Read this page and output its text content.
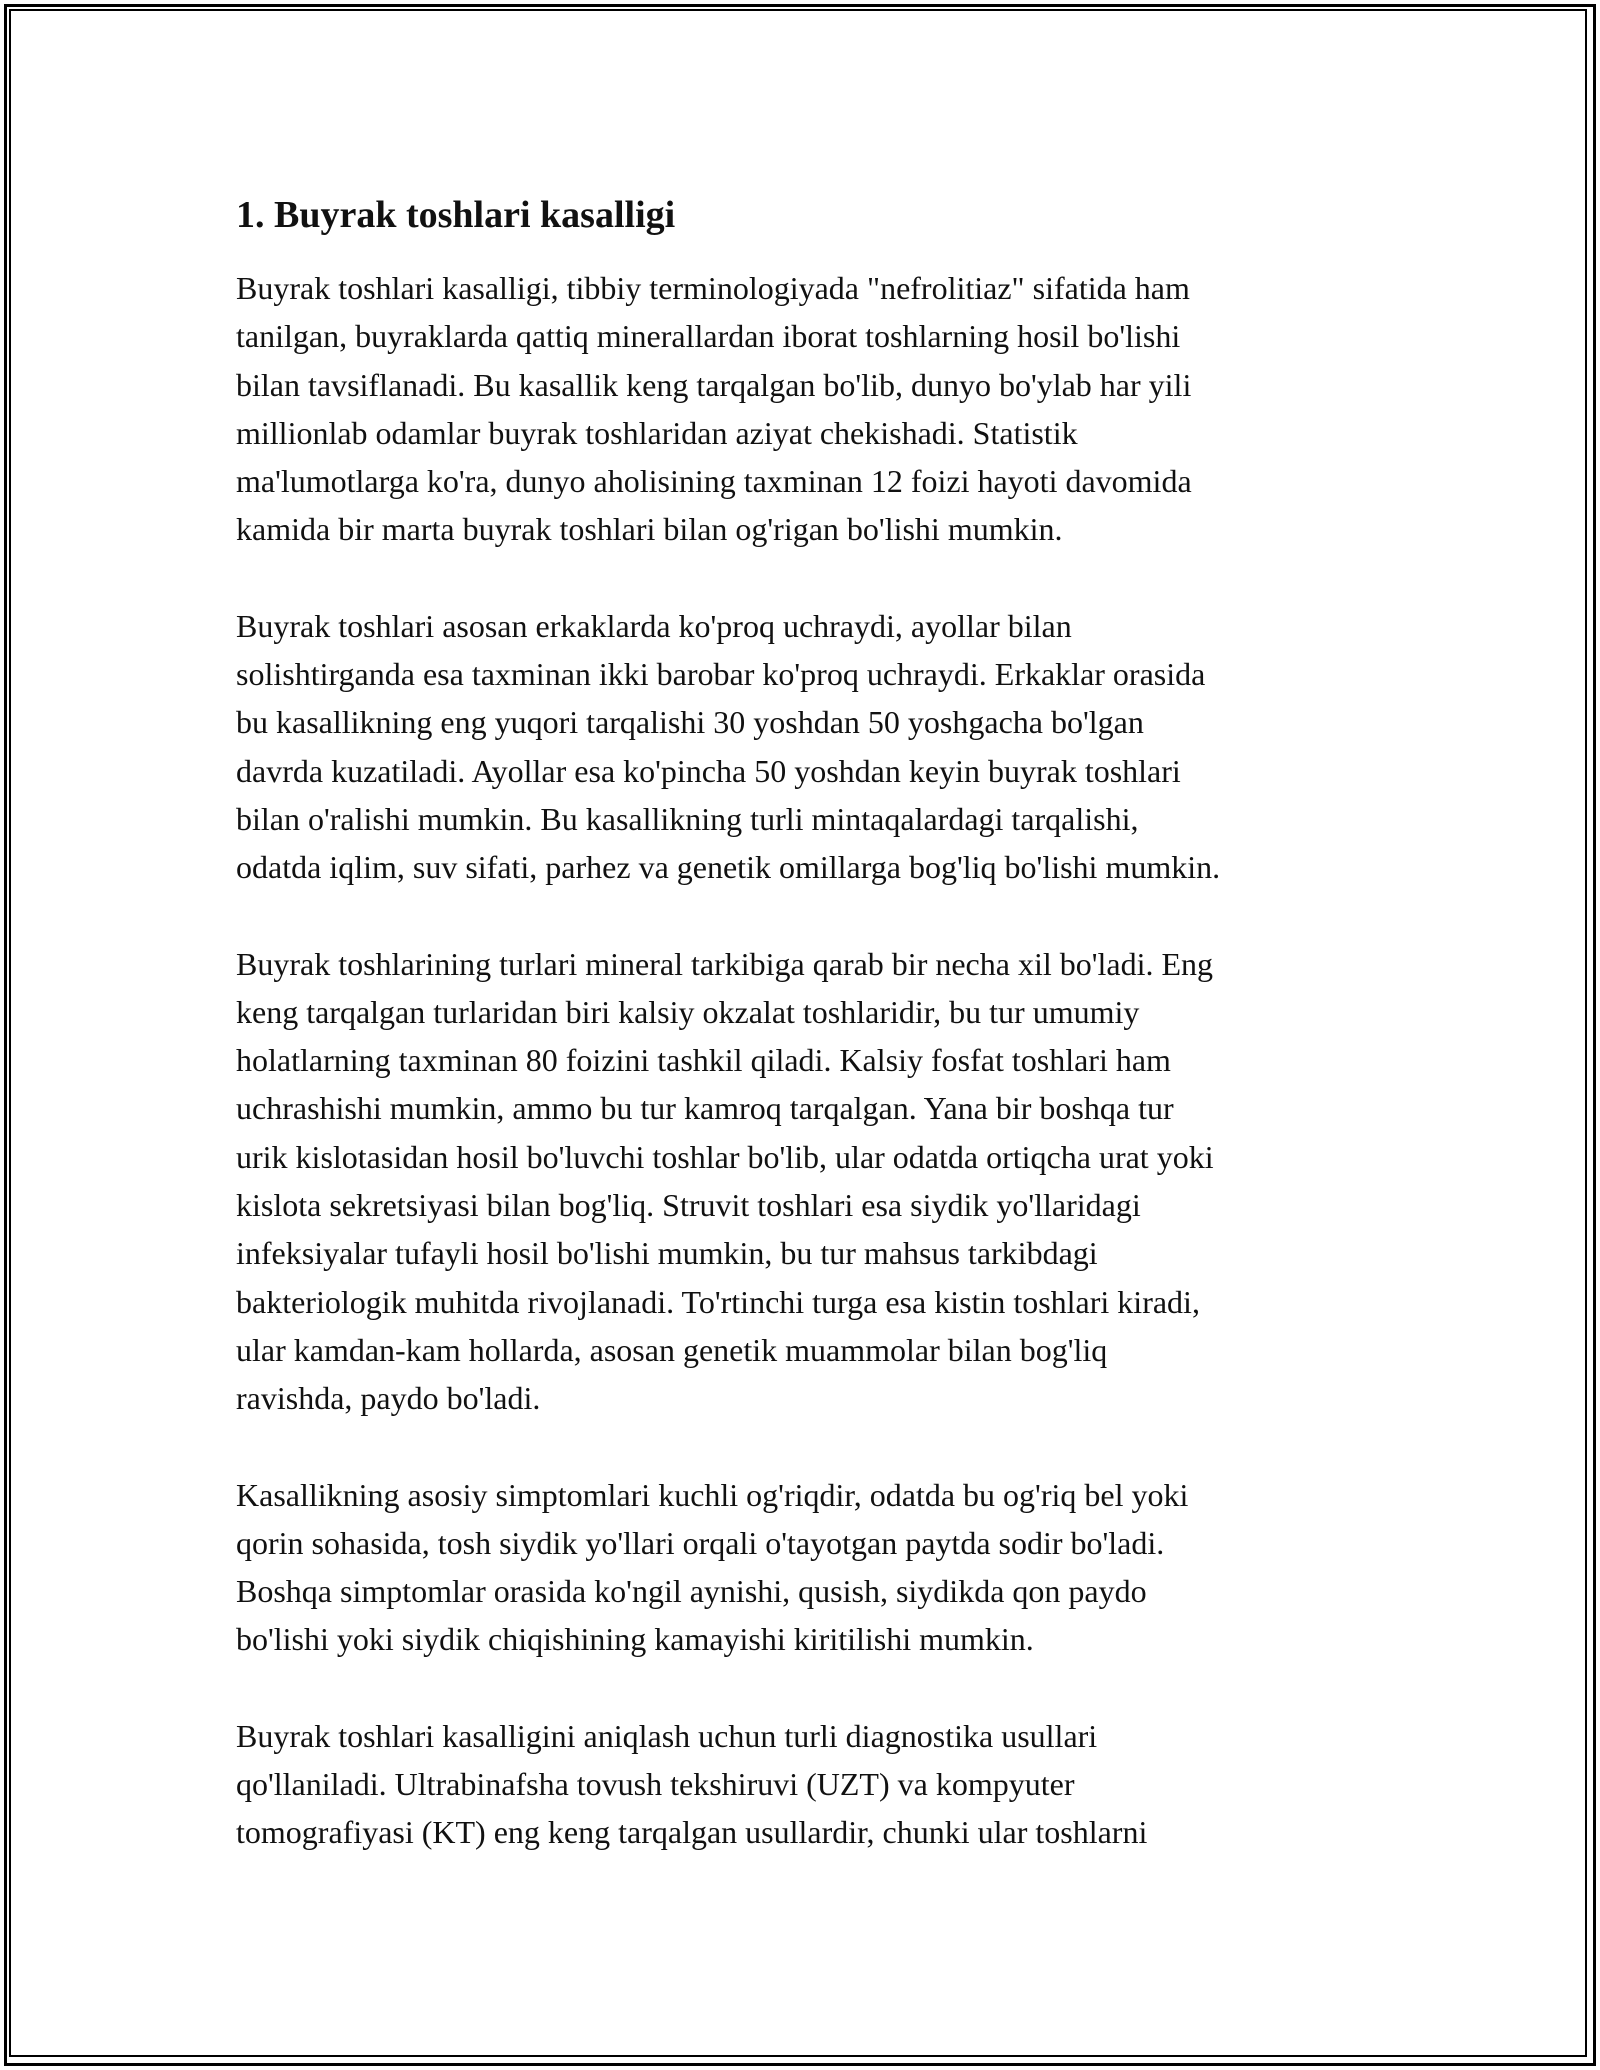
1. Buyrak toshlari kasalligi

Buyrak toshlari kasalligi, tibbiy terminologiyada "nefrolitiaz" sifatida ham
tanilgan, buyraklarda qattiq minerallardan iborat toshlarning hosil bo'lishi
bilan tavsiflanadi. Bu kasallik keng tarqalgan bo'lib, dunyo bo'ylab har yili
millionlab odamlar buyrak toshlaridan aziyat chekishadi. Statistik
ma'lumotlarga ko'ra, dunyo aholisining taxminan 12 foizi hayoti davomida
kamida bir marta buyrak toshlari bilan og'rigan bo'lishi mumkin.

Buyrak toshlari asosan erkaklarda ko'proq uchraydi, ayollar bilan
solishtirganda esa taxminan ikki barobar ko'proq uchraydi. Erkaklar orasida
bu kasallikning eng yuqori tarqalishi 30 yoshdan 50 yoshgacha bo'lgan
davrda kuzatiladi. Ayollar esa ko'pincha 50 yoshdan keyin buyrak toshlari
bilan o'ralishi mumkin. Bu kasallikning turli mintaqalardagi tarqalishi,
odatda iqlim, suv sifati, parhez va genetik omillarga bog'liq bo'lishi mumkin.

Buyrak toshlarining turlari mineral tarkibiga qarab bir necha xil bo'ladi. Eng
keng tarqalgan turlaridan biri kalsiy okzalat toshlaridir, bu tur umumiy
holatlarning taxminan 80 foizini tashkil qiladi. Kalsiy fosfat toshlari ham
uchrashishi mumkin, ammo bu tur kamroq tarqalgan. Yana bir boshqa tur
urik kislotasidan hosil bo'luvchi toshlar bo'lib, ular odatda ortiqcha urat yoki
kislota sekretsiyasi bilan bog'liq. Struvit toshlari esa siydik yo'llaridagi
infeksiyalar tufayli hosil bo'lishi mumkin, bu tur mahsus tarkibdagi
bakteriologik muhitda rivojlanadi. To'rtinchi turga esa kistin toshlari kiradi,
ular kamdan-kam hollarda, asosan genetik muammolar bilan bog'liq
ravishda, paydo bo'ladi.

Kasallikning asosiy simptomlari kuchli og'riqdir, odatda bu og'riq bel yoki
qorin sohasida, tosh siydik yo'llari orqali o'tayotgan paytda sodir bo'ladi.
Boshqa simptomlar orasida ko'ngil aynishi, qusish, siydikda qon paydo
bo'lishi yoki siydik chiqishining kamayishi kiritilishi mumkin.

Buyrak toshlari kasalligini aniqlash uchun turli diagnostika usullari
qo'llaniladi. Ultrabinafsha tovush tekshiruvi (UZT) va kompyuter
tomografiyasi (KT) eng keng tarqalgan usullardir, chunki ular toshlarni
